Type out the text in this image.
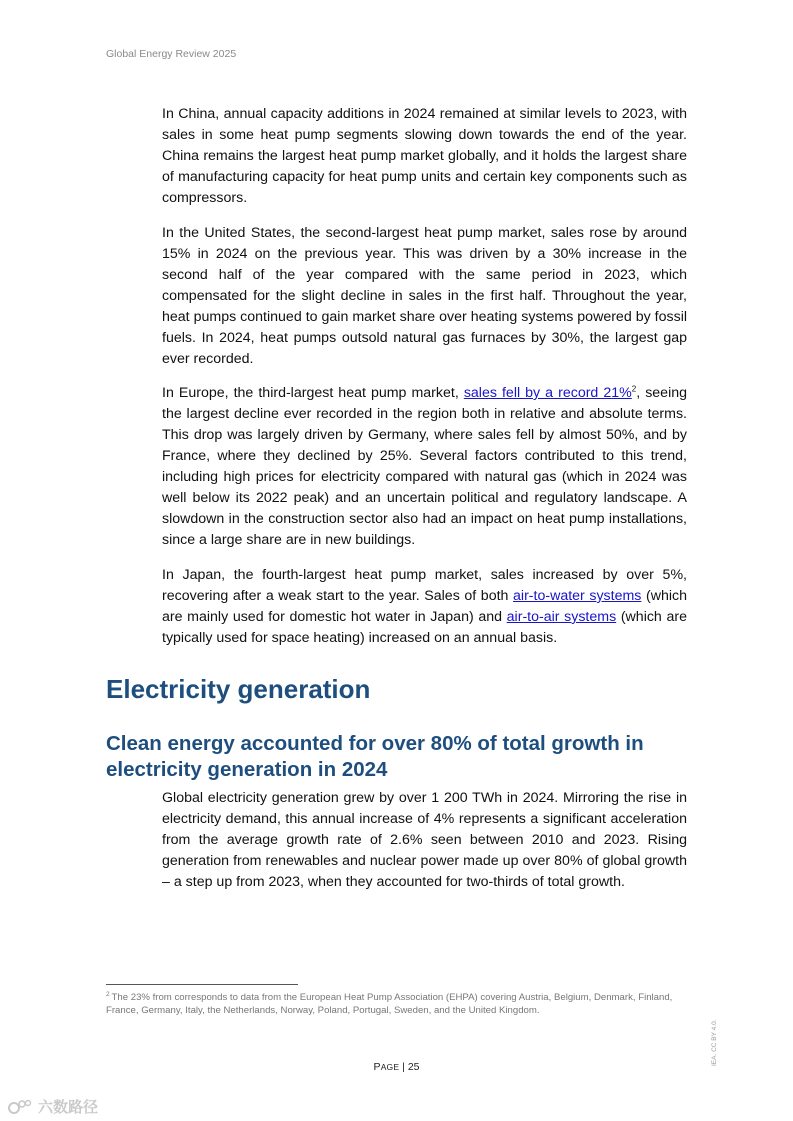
Global Energy Review 2025

In China, annual capacity additions in 2024 remained at similar levels to 2023, with sales in some heat pump segments slowing down towards the end of the year. China remains the largest heat pump market globally, and it holds the largest share of manufacturing capacity for heat pump units and certain key components such as compressors.

In the United States, the second-largest heat pump market, sales rose by around 15% in 2024 on the previous year. This was driven by a 30% increase in the second half of the year compared with the same period in 2023, which compensated for the slight decline in sales in the first half. Throughout the year, heat pumps continued to gain market share over heating systems powered by fossil fuels. In 2024, heat pumps outsold natural gas furnaces by 30%, the largest gap ever recorded.

In Europe, the third-largest heat pump market, sales fell by a record 21%$^2$, seeing the largest decline ever recorded in the region both in relative and absolute terms. This drop was largely driven by Germany, where sales fell by almost 50%, and by France, where they declined by 25%. Several factors contributed to this trend, including high prices for electricity compared with natural gas (which in 2024 was well below its 2022 peak) and an uncertain political and regulatory landscape. A slowdown in the construction sector also had an impact on heat pump installations, since a large share are in new buildings.

In Japan, the fourth-largest heat pump market, sales increased by over 5%, recovering after a weak start to the year. Sales of both air-to-water systems (which are mainly used for domestic hot water in Japan) and air-to-air systems (which are typically used for space heating) increased on an annual basis.

Electricity generation
Clean energy accounted for over 80% of total growth in electricity generation in 2024

Global electricity generation grew by over 1 200 TWh in 2024. Mirroring the rise in electricity demand, this annual increase of 4% represents a significant acceleration from the average growth rate of 2.6% seen between 2010 and 2023. Rising generation from renewables and nuclear power made up over 80% of global growth – a step up from 2023, when they accounted for two-thirds of total growth.

$^2$  The 23% from corresponds to data from the European Heat Pump Association (EHPA) covering Austria, Belgium, Denmark, Finland, France, Germany, Italy, the Netherlands, Norway, Poland, Portugal, Sweden, and the United Kingdom.

PAGE | 25
IEA. CC BY 4.0.
六数路径
